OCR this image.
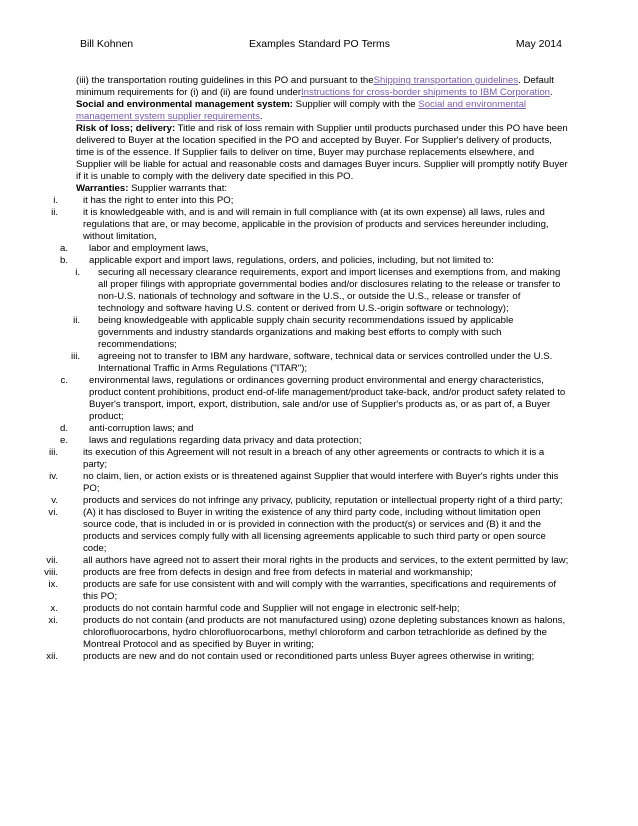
Bill Kohnen	Examples Standard PO Terms	May 2014
(iii) the transportation routing guidelines in this PO and pursuant to theShipping transportation guidelines. Default minimum requirements for (i) and (ii) are found underInstructions for cross-border shipments to IBM Corporation.
Social and environmental management system: Supplier will comply with the Social and environmental management system supplier requirements.
Risk of loss; delivery: Title and risk of loss remain with Supplier until products purchased under this PO have been delivered to Buyer at the location specified in the PO and accepted by Buyer. For Supplier's delivery of products, time is of the essence. If Supplier fails to deliver on time, Buyer may purchase replacements elsewhere, and Supplier will be liable for actual and reasonable costs and damages Buyer incurs. Supplier will promptly notify Buyer if it is unable to comply with the delivery date specified in this PO.
Warranties: Supplier warrants that:
i.	it has the right to enter into this PO;
ii.	it is knowledgeable with, and is and will remain in full compliance with (at its own expense) all laws, rules and regulations that are, or may become, applicable in the provision of products and services hereunder including, without limitation,
a. labor and employment laws,
b. applicable export and import laws, regulations, orders, and policies, including, but not limited to:
i. securing all necessary clearance requirements, export and import licenses and exemptions from, and making all proper filings with appropriate governmental bodies and/or disclosures relating to the release or transfer to non-U.S. nationals of technology and software in the U.S., or outside the U.S., release or transfer of technology and software having U.S. content or derived from U.S.-origin software or technology);
ii. being knowledgeable with applicable supply chain security recommendations issued by applicable governments and industry standards organizations and making best efforts to comply with such recommendations;
iii. agreeing not to transfer to IBM any hardware, software, technical data or services controlled under the U.S. International Traffic in Arms Regulations ("ITAR");
c. environmental laws, regulations or ordinances governing product environmental and energy characteristics, product content prohibitions, product end-of-life management/product take-back, and/or product safety related to Buyer's transport, import, export, distribution, sale and/or use of Supplier's products as, or as part of, a Buyer product;
d. anti-corruption laws; and
e. laws and regulations regarding data privacy and data protection;
iii.	its execution of this Agreement will not result in a breach of any other agreements or contracts to which it is a party;
iv.	no claim, lien, or action exists or is threatened against Supplier that would interfere with Buyer's rights under this PO;
v.	products and services do not infringe any privacy, publicity, reputation or intellectual property right of a third party;
vi.	(A) it has disclosed to Buyer in writing the existence of any third party code, including without limitation open source code, that is included in or is provided in connection with the product(s) or services and (B) it and the products and services comply fully with all licensing agreements applicable to such third party or open source code;
vii.	all authors have agreed not to assert their moral rights in the products and services, to the extent permitted by law;
viii.	products are free from defects in design and free from defects in material and workmanship;
ix.	products are safe for use consistent with and will comply with the warranties, specifications and requirements of this PO;
x.	products do not contain harmful code and Supplier will not engage in electronic self-help;
xi.	products do not contain (and products are not manufactured using) ozone depleting substances known as halons, chlorofluorocarbons, hydro chlorofluorocarbons, methyl chloroform and carbon tetrachloride as defined by the Montreal Protocol and as specified by Buyer in writing;
xii.	products are new and do not contain used or reconditioned parts unless Buyer agrees otherwise in writing;
